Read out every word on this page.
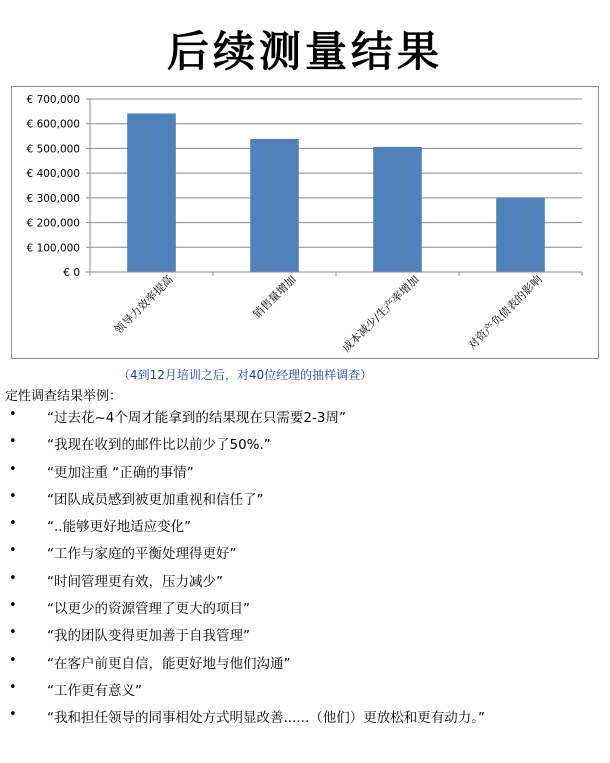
后续测量结果
€ 0
€ 100,000
€ 200,000
€ 300,000
€ 400,000
€ 500,000
€ 600,000
€ 700,000
领导力效率提高	销售量增加	成本减少/生产率增加	对资产负债表的影响
（4到12月培训之后，对40位经理的抽样调查）
定性调查结果举例：
• “过去花~4个周才能拿到的结果现在只需要2-3周”
• “我现在收到的邮件比以前少了50%.”
• “更加注重 “正确的事情”
• “团队成员感到被更加重视和信任了”
• “..能够更好地适应变化”
• “工作与家庭的平衡处理得更好”
• “时间管理更有效，压力减少”
• “以更少的资源管理了更大的项目”
• “我的团队变得更加善于自我管理”
• “在客户前更自信，能更好地与他们沟通”
• “工作更有意义”
• “我和担任领导的同事相处方式明显改善......（他们）更放松和更有动力。”
